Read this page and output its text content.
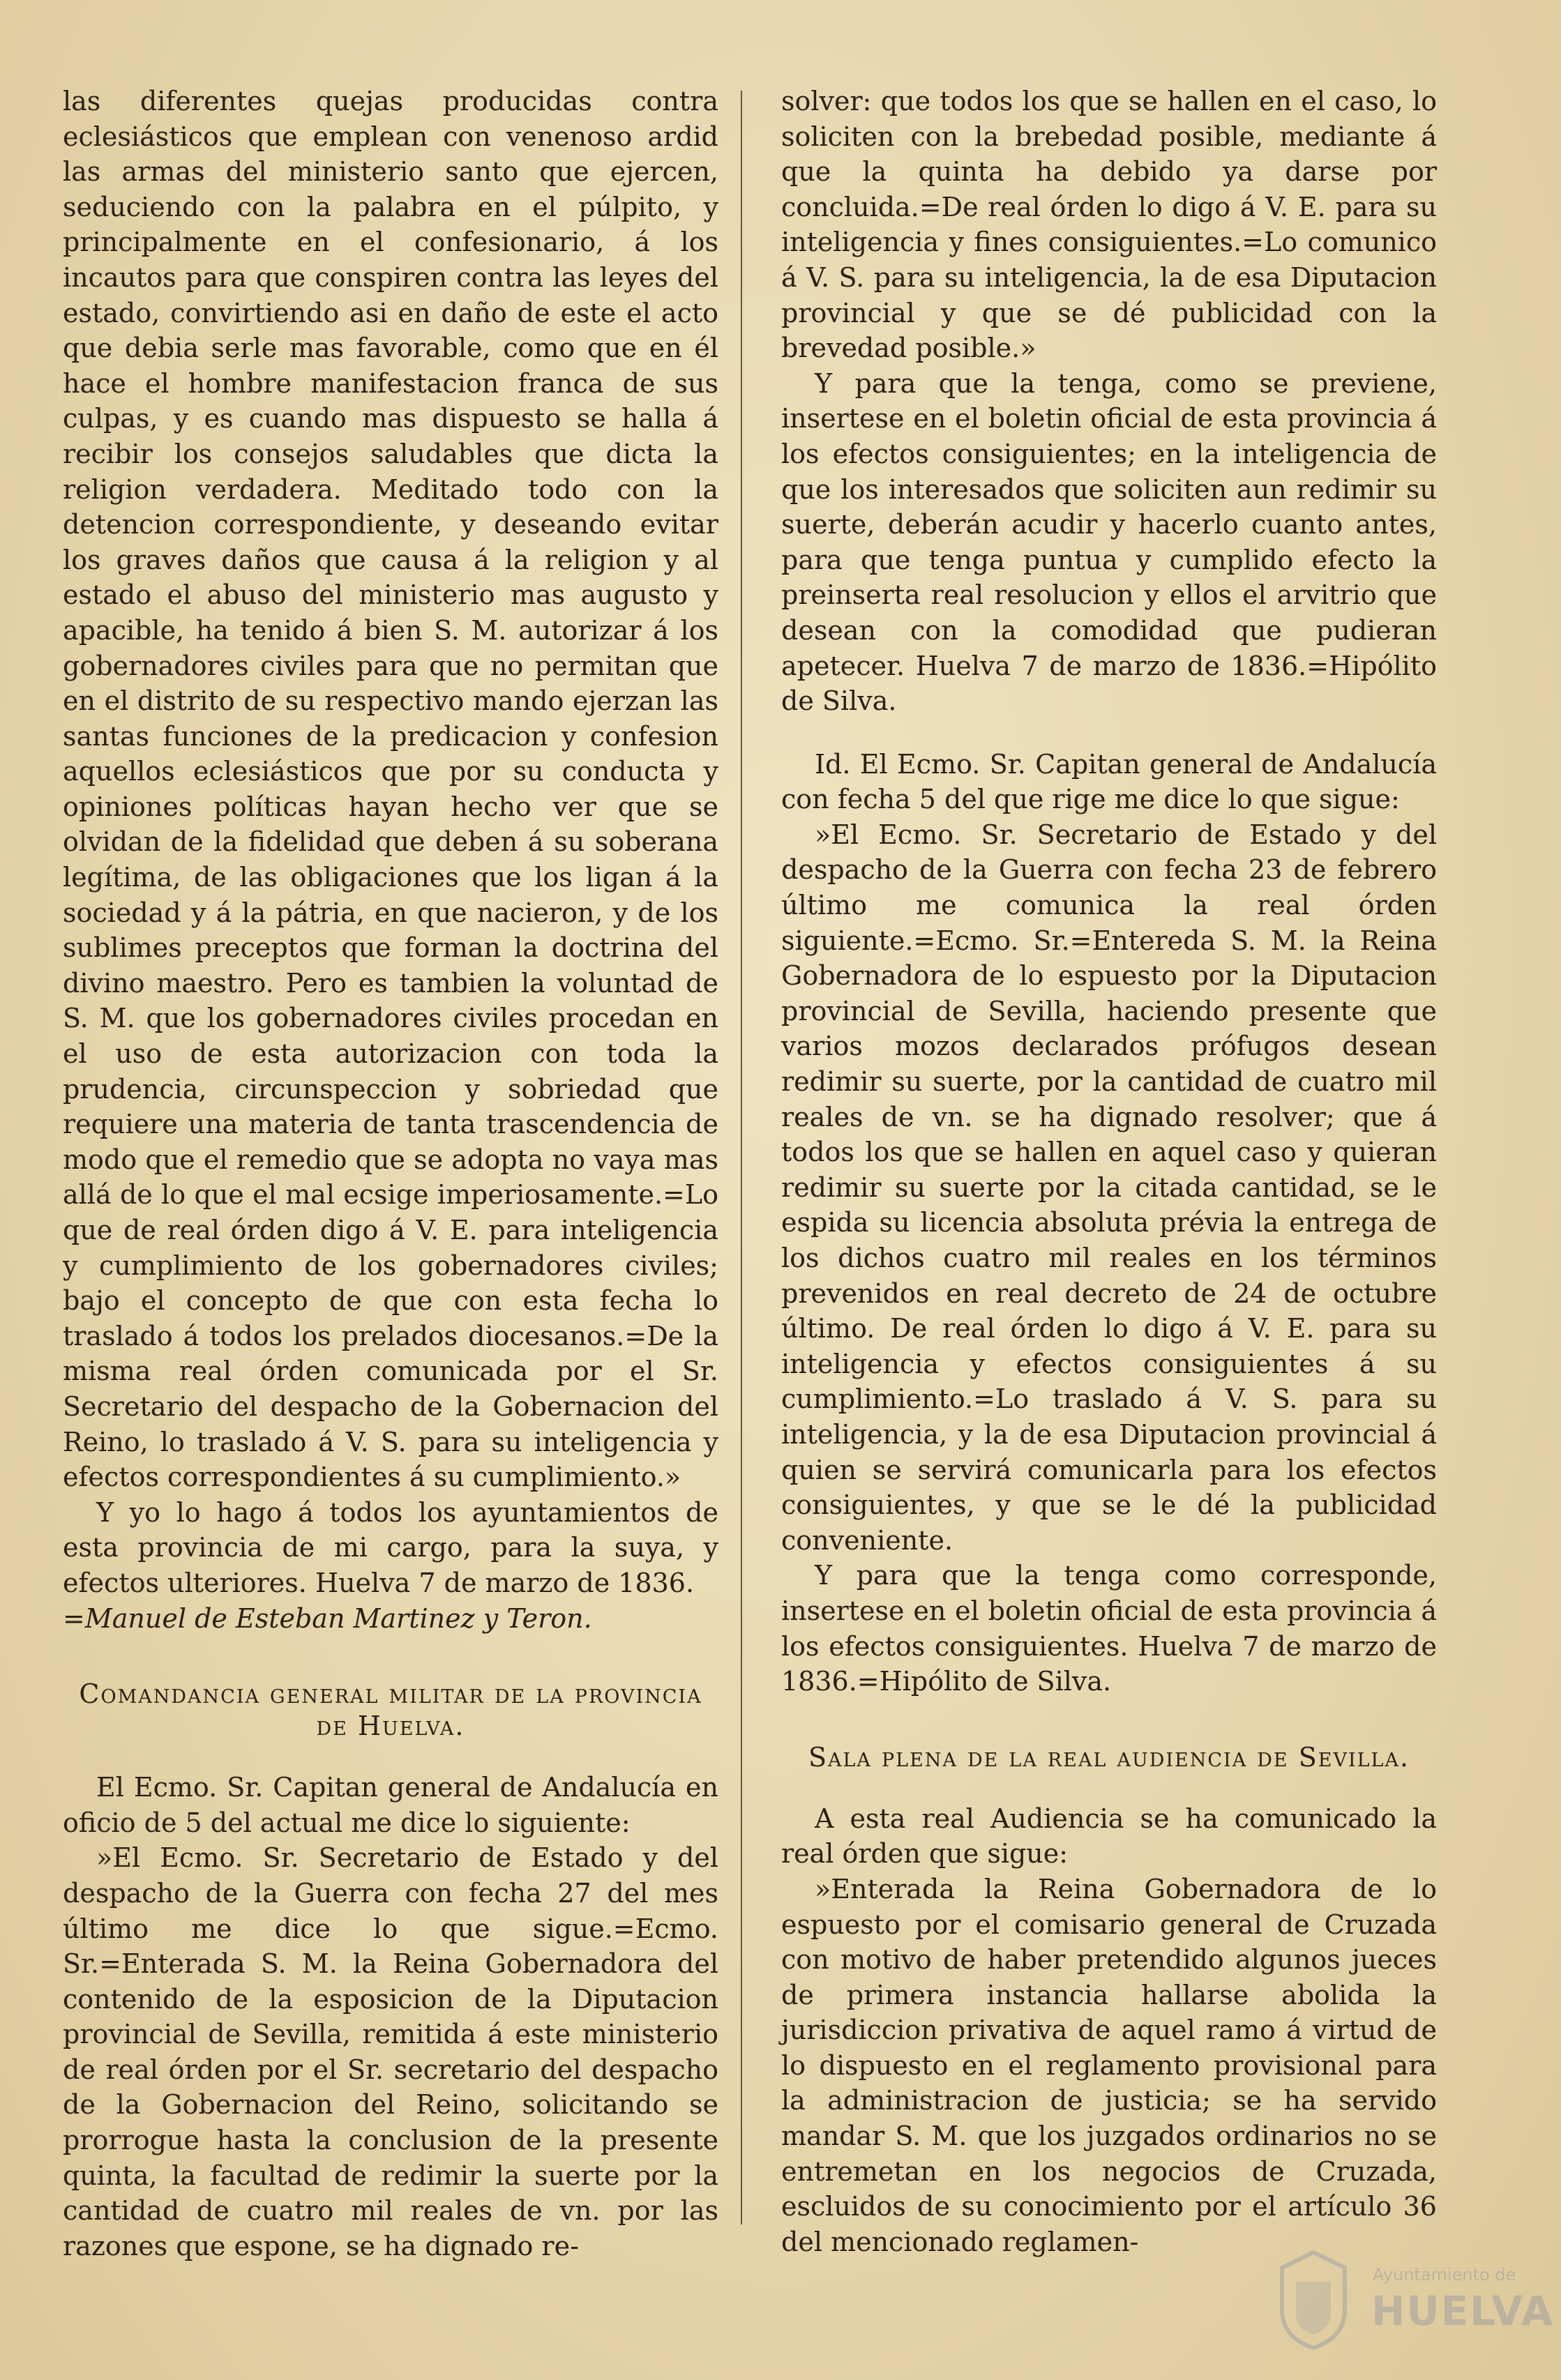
las diferentes quejas producidas contra eclesiásticos que emplean con venenoso ardid las armas del ministerio santo que ejercen, seduciendo con la palabra en el púlpito, y principalmente en el confesionario, á los incautos para que conspiren contra las leyes del estado, convirtiendo asi en daño de este el acto que debia serle mas favorable, como que en él hace el hombre manifestacion franca de sus culpas, y es cuando mas dispuesto se halla á recibir los consejos saludables que dicta la religion verdadera. Meditado todo con la detencion correspondiente, y deseando evitar los graves daños que causa á la religion y al estado el abuso del ministerio mas augusto y apacible, ha tenido á bien S. M. autorizar á los gobernadores civiles para que no permitan que en el distrito de su respectivo mando ejerzan las santas funciones de la predicacion y confesion aquellos eclesiásticos que por su conducta y opiniones políticas hayan hecho ver que se olvidan de la fidelidad que deben á su soberana legítima, de las obligaciones que los ligan á la sociedad y á la pátria, en que nacieron, y de los sublimes preceptos que forman la doctrina del divino maestro. Pero es tambien la voluntad de S. M. que los gobernadores civiles procedan en el uso de esta autorizacion con toda la prudencia, circunspeccion y sobriedad que requiere una materia de tanta trascendencia de modo que el remedio que se adopta no vaya mas allá de lo que el mal ecsige imperiosamente.=Lo que de real órden digo á V. E. para inteligencia y cumplimiento de los gobernadores civiles; bajo el concepto de que con esta fecha lo traslado á todos los prelados diocesanos.=De la misma real órden comunicada por el Sr. Secretario del despacho de la Gobernacion del Reino, lo traslado á V. S. para su inteligencia y efectos correspondientes á su cumplimiento.»

Y yo lo hago á todos los ayuntamientos de esta provincia de mi cargo, para la suya, y efectos ulteriores. Huelva 7 de marzo de 1836.

=Manuel de Esteban Martinez y Teron.

Comandancia general militar de la provincia de Huelva.

El Ecmo. Sr. Capitan general de Andalucía en oficio de 5 del actual me dice lo siguiente:

»El Ecmo. Sr. Secretario de Estado y del despacho de la Guerra con fecha 27 del mes último me dice lo que sigue.=Ecmo. Sr.=Enterada S. M. la Reina Gobernadora del contenido de la esposicion de la Diputacion provincial de Sevilla, remitida á este ministerio de real órden por el Sr. secretario del despacho de la Gobernacion del Reino, solicitando se prorrogue hasta la conclusion de la presente quinta, la facultad de redimir la suerte por la cantidad de cuatro mil reales de vn. por las razones que espone, se ha dignado re-

solver: que todos los que se hallen en el caso, lo soliciten con la brebedad posible, mediante á que la quinta ha debido ya darse por concluida.=De real órden lo digo á V. E. para su inteligencia y fines consiguientes.=Lo comunico á V. S. para su inteligencia, la de esa Diputacion provincial y que se dé publicidad con la brevedad posible.»

Y para que la tenga, como se previene, insertese en el boletin oficial de esta provincia á los efectos consiguientes; en la inteligencia de que los interesados que soliciten aun redimir su suerte, deberán acudir y hacerlo cuanto antes, para que tenga puntua y cumplido efecto la preinserta real resolucion y ellos el arvitrio que desean con la comodidad que pudieran apetecer. Huelva 7 de marzo de 1836.=Hipólito de Silva.

Id. El Ecmo. Sr. Capitan general de Andalucía con fecha 5 del que rige me dice lo que sigue:

»El Ecmo. Sr. Secretario de Estado y del despacho de la Guerra con fecha 23 de febrero último me comunica la real órden siguiente.=Ecmo. Sr.=Entereda S. M. la Reina Gobernadora de lo espuesto por la Diputacion provincial de Sevilla, haciendo presente que varios mozos declarados prófugos desean redimir su suerte, por la cantidad de cuatro mil reales de vn. se ha dignado resolver; que á todos los que se hallen en aquel caso y quieran redimir su suerte por la citada cantidad, se le espida su licencia absoluta prévia la entrega de los dichos cuatro mil reales en los términos prevenidos en real decreto de 24 de octubre último. De real órden lo digo á V. E. para su inteligencia y efectos consiguientes á su cumplimiento.=Lo traslado á V. S. para su inteligencia, y la de esa Diputacion provincial á quien se servirá comunicarla para los efectos consiguientes, y que se le dé la publicidad conveniente.

Y para que la tenga como corresponde, insertese en el boletin oficial de esta provincia á los efectos consiguientes. Huelva 7 de marzo de 1836.=Hipólito de Silva.

Sala plena de la real audiencia de Sevilla.

A esta real Audiencia se ha comunicado la real órden que sigue:

»Enterada la Reina Gobernadora de lo espuesto por el comisario general de Cruzada con motivo de haber pretendido algunos jueces de primera instancia hallarse abolida la jurisdiccion privativa de aquel ramo á virtud de lo dispuesto en el reglamento provisional para la administracion de justicia; se ha servido mandar S. M. que los juzgados ordinarios no se entremetan en los negocios de Cruzada, escluidos de su conocimiento por el artículo 36 del mencionado reglamen-

Ayuntamiento de
HUELVA
